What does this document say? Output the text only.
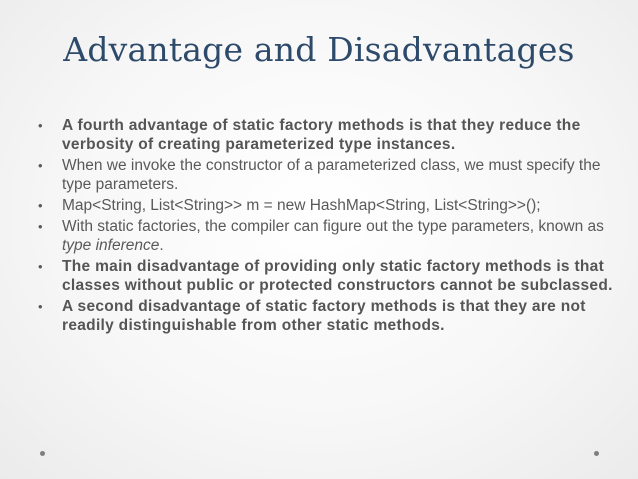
Advantage and Disadvantages
• A fourth advantage of static factory methods is that they reduce the verbosity of creating parameterized type instances.
• When we invoke the constructor of a parameterized class, we must specify the type parameters.
• Map<String, List<String>> m = new HashMap<String, List<String>>();
• With static factories, the compiler can figure out the type parameters, known as type inference.
• The main disadvantage of providing only static factory methods is that classes without public or protected constructors cannot be subclassed.
• A second disadvantage of static factory methods is that they are not readily distinguishable from other static methods.
